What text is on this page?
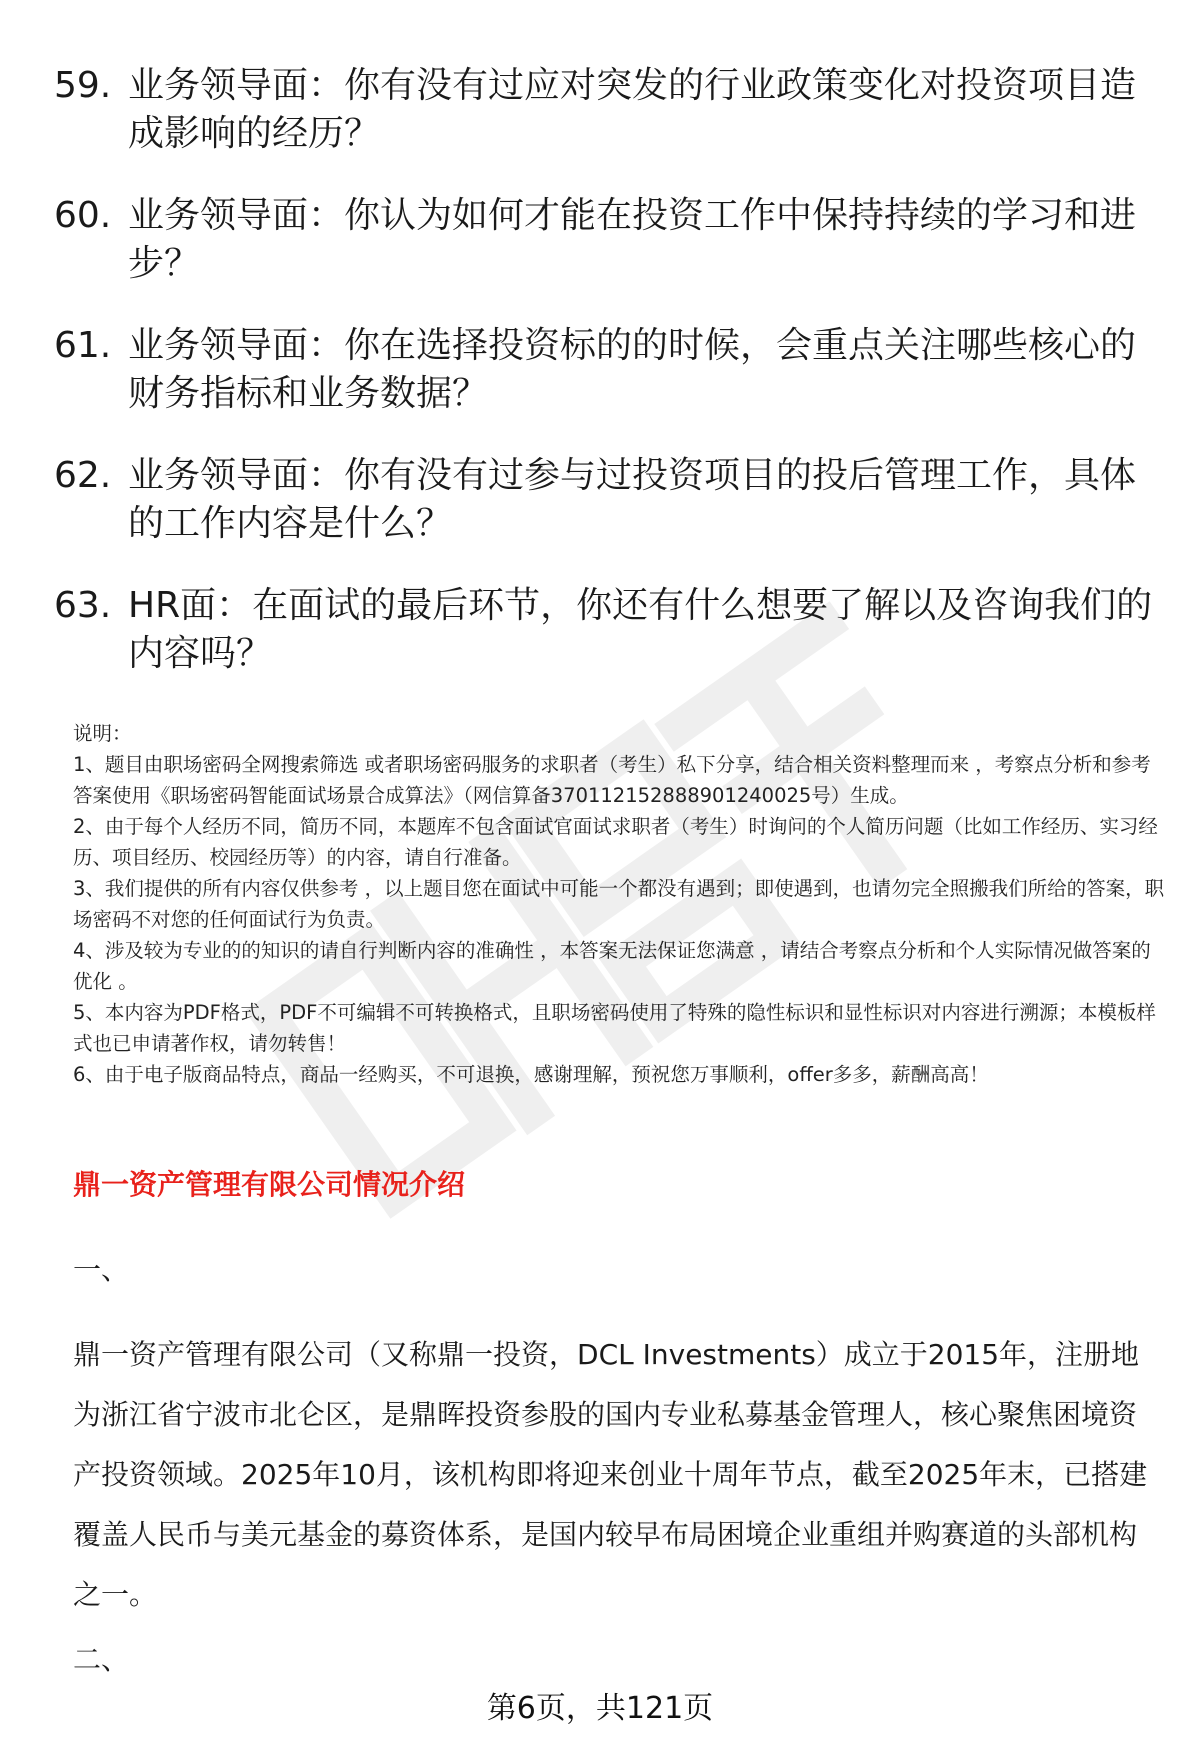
59. 业务领导面：你有没有过应对突发的行业政策变化对投资项目造成影响的经历？
60. 业务领导面：你认为如何才能在投资工作中保持持续的学习和进步？
61. 业务领导面：你在选择投资标的的时候，会重点关注哪些核心的财务指标和业务数据？
62. 业务领导面：你有没有过参与过投资项目的投后管理工作，具体的工作内容是什么？
63. HR面：在面试的最后环节，你还有什么想要了解以及咨询我们的内容吗？

说明：

1、题目由职场密码全网搜索筛选 或者职场密码服务的求职者（考生）私下分享，结合相关资料整理而来 ，考察点分析和参考答案使用《职场密码智能面试场景合成算法》（网信算备370112152888901240025号）生成。

2、由于每个人经历不同，简历不同，本题库不包含面试官面试求职者（考生）时询问的个人简历问题（比如工作经历、实习经历、项目经历、校园经历等）的内容，请自行准备。

3、我们提供的所有内容仅供参考 ，以上题目您在面试中可能一个都没有遇到；即使遇到，也请勿完全照搬我们所给的答案，职场密码不对您的任何面试行为负责。

4、涉及较为专业的的知识的请自行判断内容的准确性 ，本答案无法保证您满意 ，请结合考察点分析和个人实际情况做答案的优化 。

5、本内容为PDF格式，PDF不可编辑不可转换格式，且职场密码使用了特殊的隐性标识和显性标识对内容进行溯源；本模板样式也已申请著作权，请勿转售！

6、由于电子版商品特点，商品一经购买，不可退换，感谢理解，预祝您万事顺利，offer多多，薪酬高高！

鼎一资产管理有限公司情况介绍
一、
鼎一资产管理有限公司（又称鼎一投资，DCL Investments）成立于2015年，注册地为浙江省宁波市北仑区，是鼎晖投资参股的国内专业私募基金管理人，核心聚焦困境资产投资领域。2025年10月，该机构即将迎来创业十周年节点，截至2025年末，已搭建覆盖人民币与美元基金的募资体系，是国内较早布局困境企业重组并购赛道的头部机构之一。
二、
第6页，共121页
